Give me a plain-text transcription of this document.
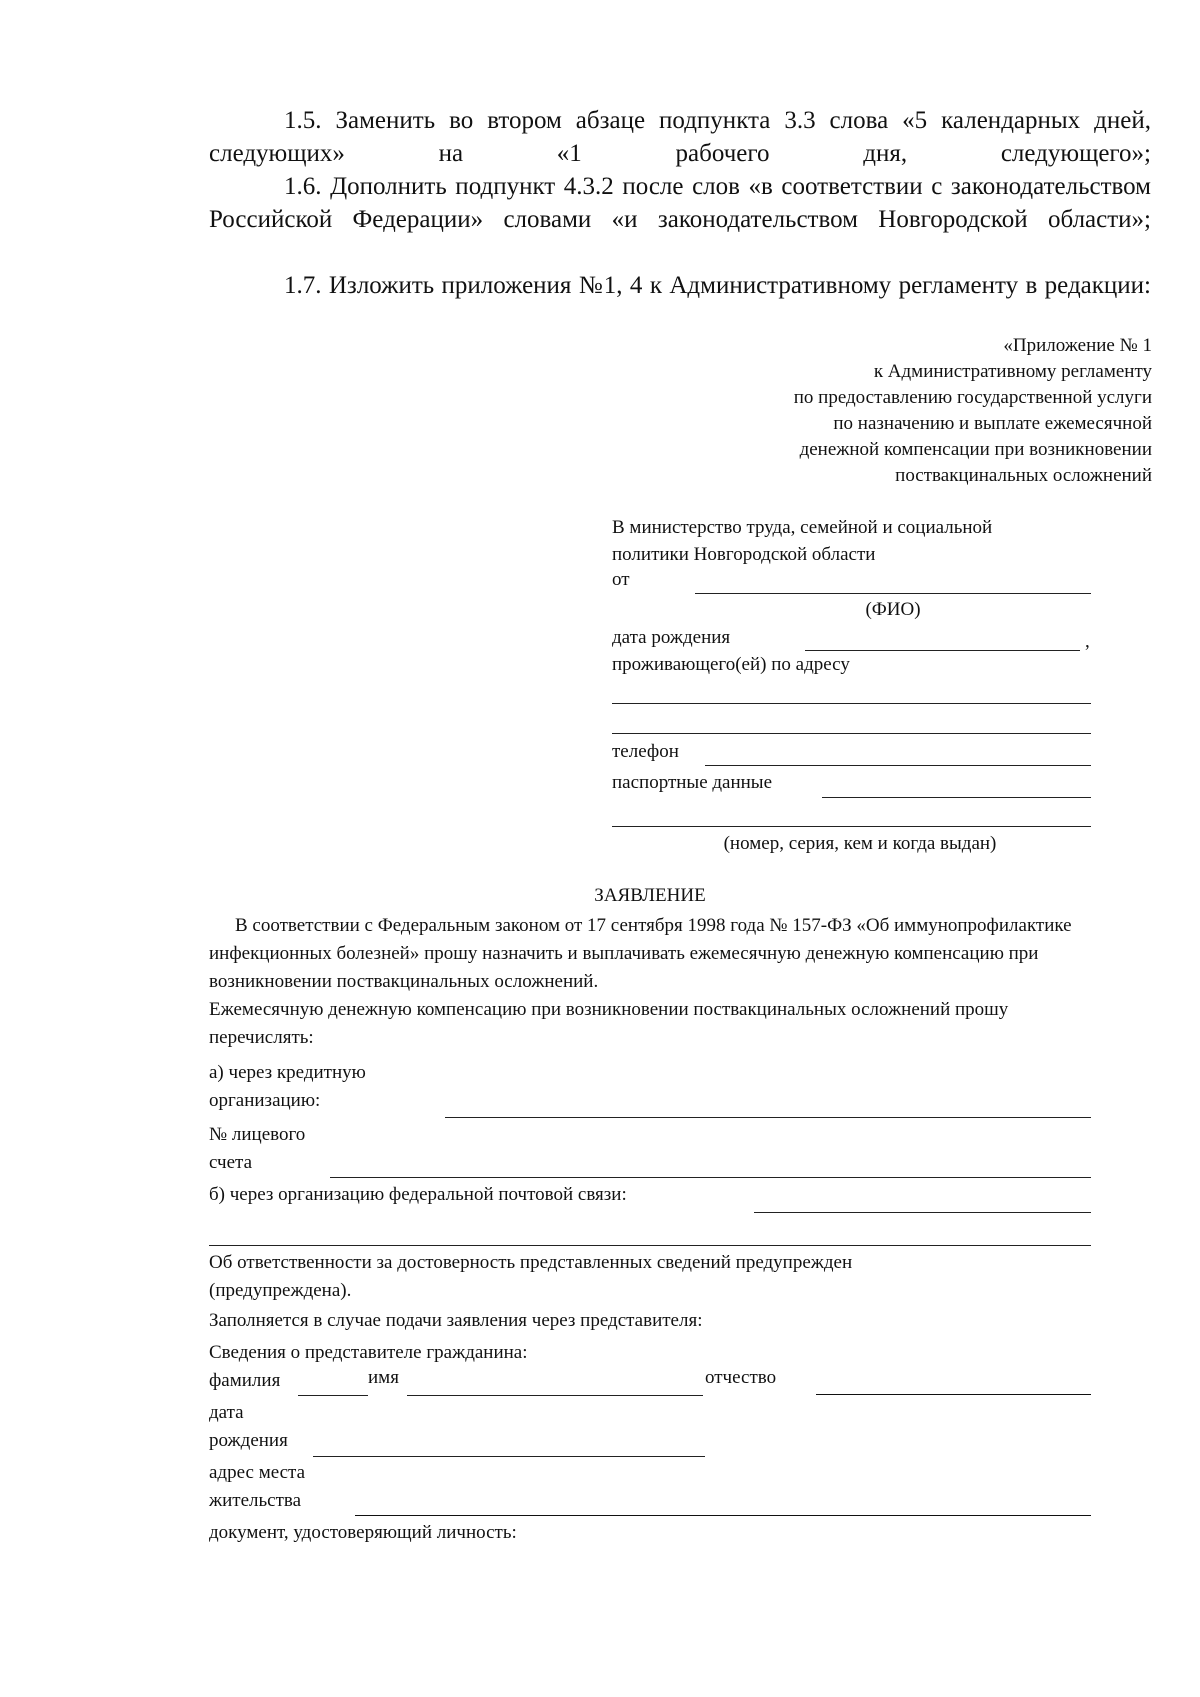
1.5. Заменить во втором абзаце подпункта 3.3 слова «5 календарных дней, следующих» на «1 рабочего дня, следующего»;

1.6. Дополнить подпункт 4.3.2 после слов «в соответствии с законодательством Российской Федерации» словами «и законодательством Новгородской области»;

1.7. Изложить приложения №1, 4 к Административному регламенту в редакции:

«Приложение № 1
к Административному регламенту
по предоставлению государственной услуги
по назначению и выплате ежемесячной
денежной компенсации при возникновении
поствакцинальных осложнений
В министерство труда, семейной и социальной
политики Новгородской области
от
(ФИО)
дата рождения	,
проживающего(ей) по адресу
телефон
паспортные данные
(номер, серия, кем и когда выдан)
ЗАЯВЛЕНИЕ

В соответствии с Федеральным законом от 17 сентября 1998 года № 157-ФЗ «Об иммунопрофилактике инфекционных болезней» прошу назначить и выплачивать ежемесячную денежную компенсацию при возникновении поствакцинальных осложнений.

Ежемесячную денежную компенсацию при возникновении поствакцинальных осложнений прошу перечислять:

а) через кредитную
организацию:
№ лицевого
счета
б) через организацию федеральной почтовой связи:
Об ответственности за достоверность представленных сведений предупрежден
(предупреждена).
Заполняется в случае подачи заявления через представителя:
Сведения о представителе гражданина:
фамилия	имя	отчество
дата
рождения
адрес места
жительства
документ, удостоверяющий личность:
